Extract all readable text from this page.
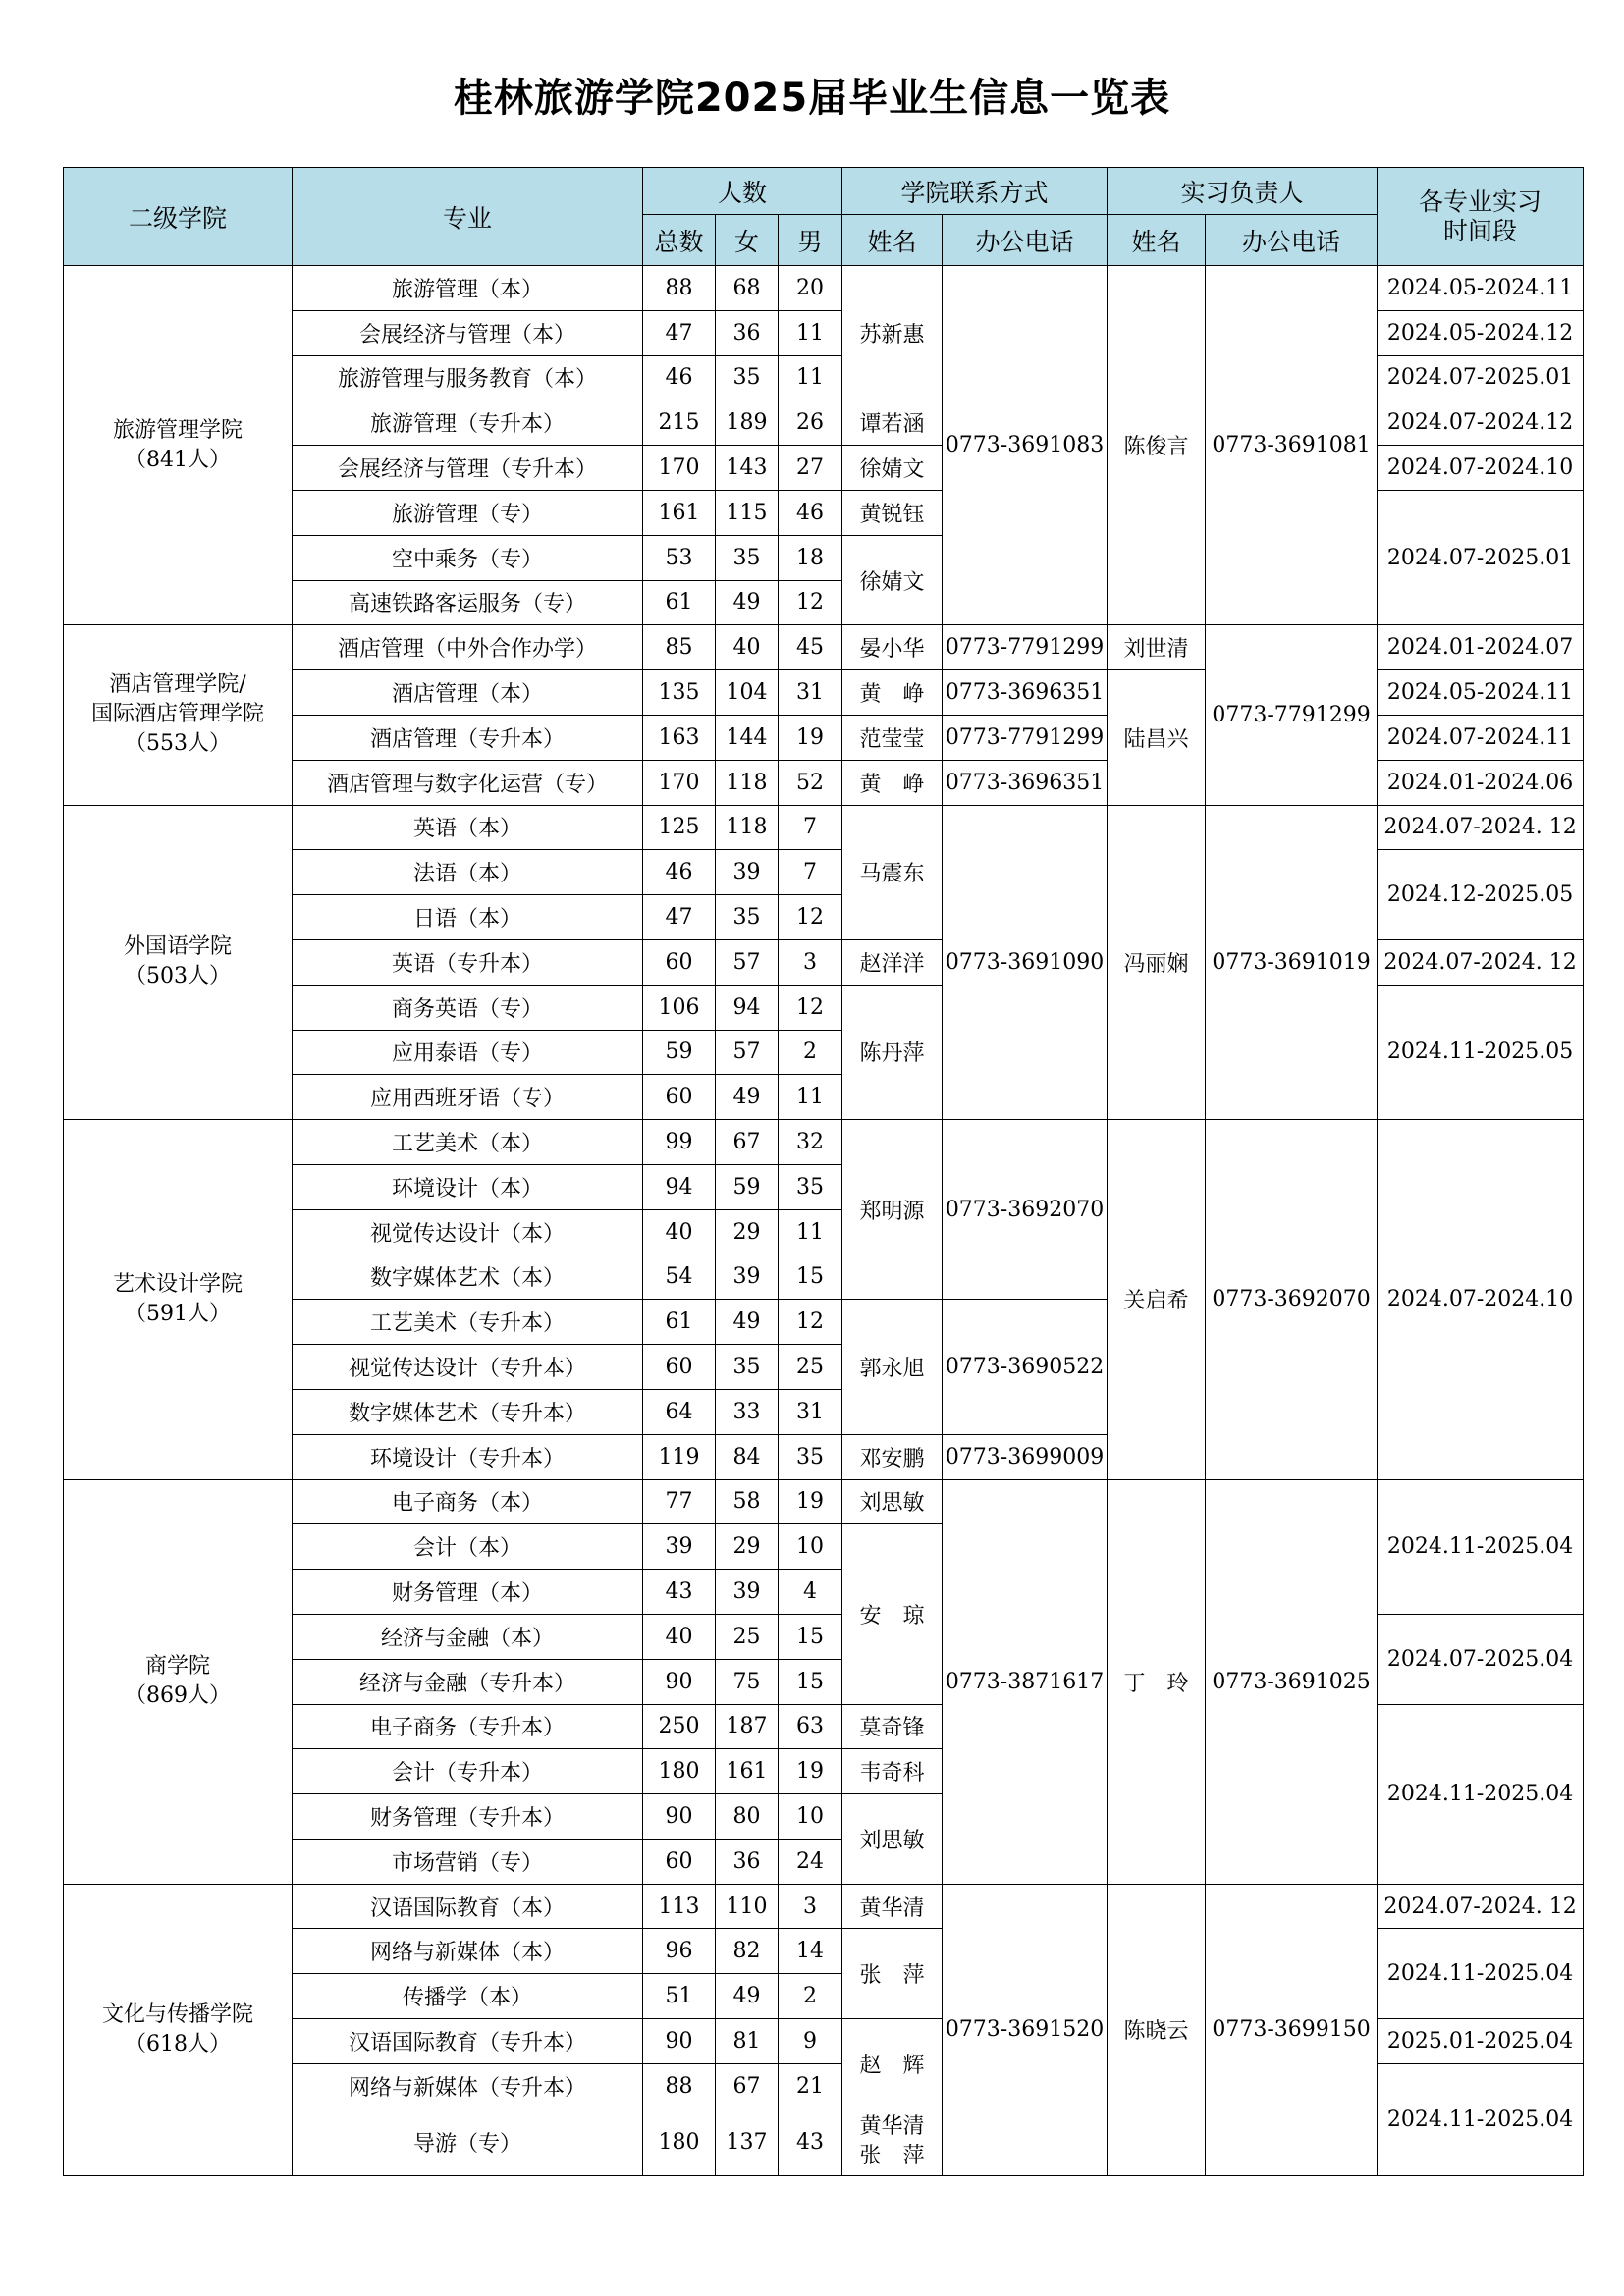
桂林旅游学院2025届毕业生信息一览表
二级学院	专业	人数			学院联系方式		实习负责人		各专业实习
时间段

		总数	女	男	姓名	办公电话	姓名	办公电话	

旅游管理学院
（841人）	旅游管理（本）	88	68	20	苏新惠	0773-3691083	陈俊言	0773-3691081	2024.05-2024.11
	会展经济与管理（本）	47	36	11					2024.05-2024.12
	旅游管理与服务教育（本）	46	35	11					2024.07-2025.01
	旅游管理（专升本）	215	189	26	谭若涵				2024.07-2024.12
	会展经济与管理（专升本）	170	143	27	徐婧文				2024.07-2024.10
	旅游管理（专）	161	115	46	黄锐钰				2024.07-2025.01
	空中乘务（专）	53	35	18	徐婧文				
	高速铁路客运服务（专）	61	49	12					

酒店管理学院/
国际酒店管理学院
（553人）	酒店管理（中外合作办学）	85	40	45	晏小华	0773-7791299	刘世清	0773-7791299	2024.01-2024.07
	酒店管理（本）	135	104	31	黄　峥	0773-3696351	陆昌兴		2024.05-2024.11
	酒店管理（专升本）	163	144	19	范莹莹	0773-7791299			2024.07-2024.11
	酒店管理与数字化运营（专）	170	118	52	黄　峥	0773-3696351			2024.01-2024.06

外国语学院
（503人）	英语（本）	125	118	7	马震东	0773-3691090	冯丽娴	0773-3691019	2024.07-2024. 12
	法语（本）	46	39	7					2024.12-2025.05
	日语（本）	47	35	12					
	英语（专升本）	60	57	3	赵洋洋				2024.07-2024. 12
	商务英语（专）	106	94	12	陈丹萍				2024.11-2025.05
	应用泰语（专）	59	57	2					
	应用西班牙语（专）	60	49	11					

艺术设计学院
（591人）	工艺美术（本）	99	67	32	郑明源	0773-3692070	关启希	0773-3692070	2024.07-2024.10
	环境设计（本）	94	59	35					
	视觉传达设计（本）	40	29	11					
	数字媒体艺术（本）	54	39	15					
	工艺美术（专升本）	61	49	12	郭永旭	0773-3690522			
	视觉传达设计（专升本）	60	35	25					
	数字媒体艺术（专升本）	64	33	31					
	环境设计（专升本）	119	84	35	邓安鹏	0773-3699009			

商学院
（869人）	电子商务（本）	77	58	19	刘思敏	0773-3871617	丁　玲	0773-3691025	2024.11-2025.04
	会计（本）	39	29	10	安　琼				
	财务管理（本）	43	39	4					
	经济与金融（本）	40	25	15					2024.07-2025.04
	经济与金融（专升本）	90	75	15					
	电子商务（专升本）	250	187	63	莫奇锋				2024.11-2025.04
	会计（专升本）	180	161	19	韦奇科				
	财务管理（专升本）	90	80	10	刘思敏				
	市场营销（专）	60	36	24					

文化与传播学院
（618人）	汉语国际教育（本）	113	110	3	黄华清	0773-3691520	陈晓云	0773-3699150	2024.07-2024. 12
	网络与新媒体（本）	96	82	14	张　萍				2024.11-2025.04
	传播学（本）	51	49	2					
	汉语国际教育（专升本）	90	81	9	赵　辉				2025.01-2025.04
	网络与新媒体（专升本）	88	67	21					2024.11-2025.04
	导游（专）	180	137	43	黄华清
张　萍				
